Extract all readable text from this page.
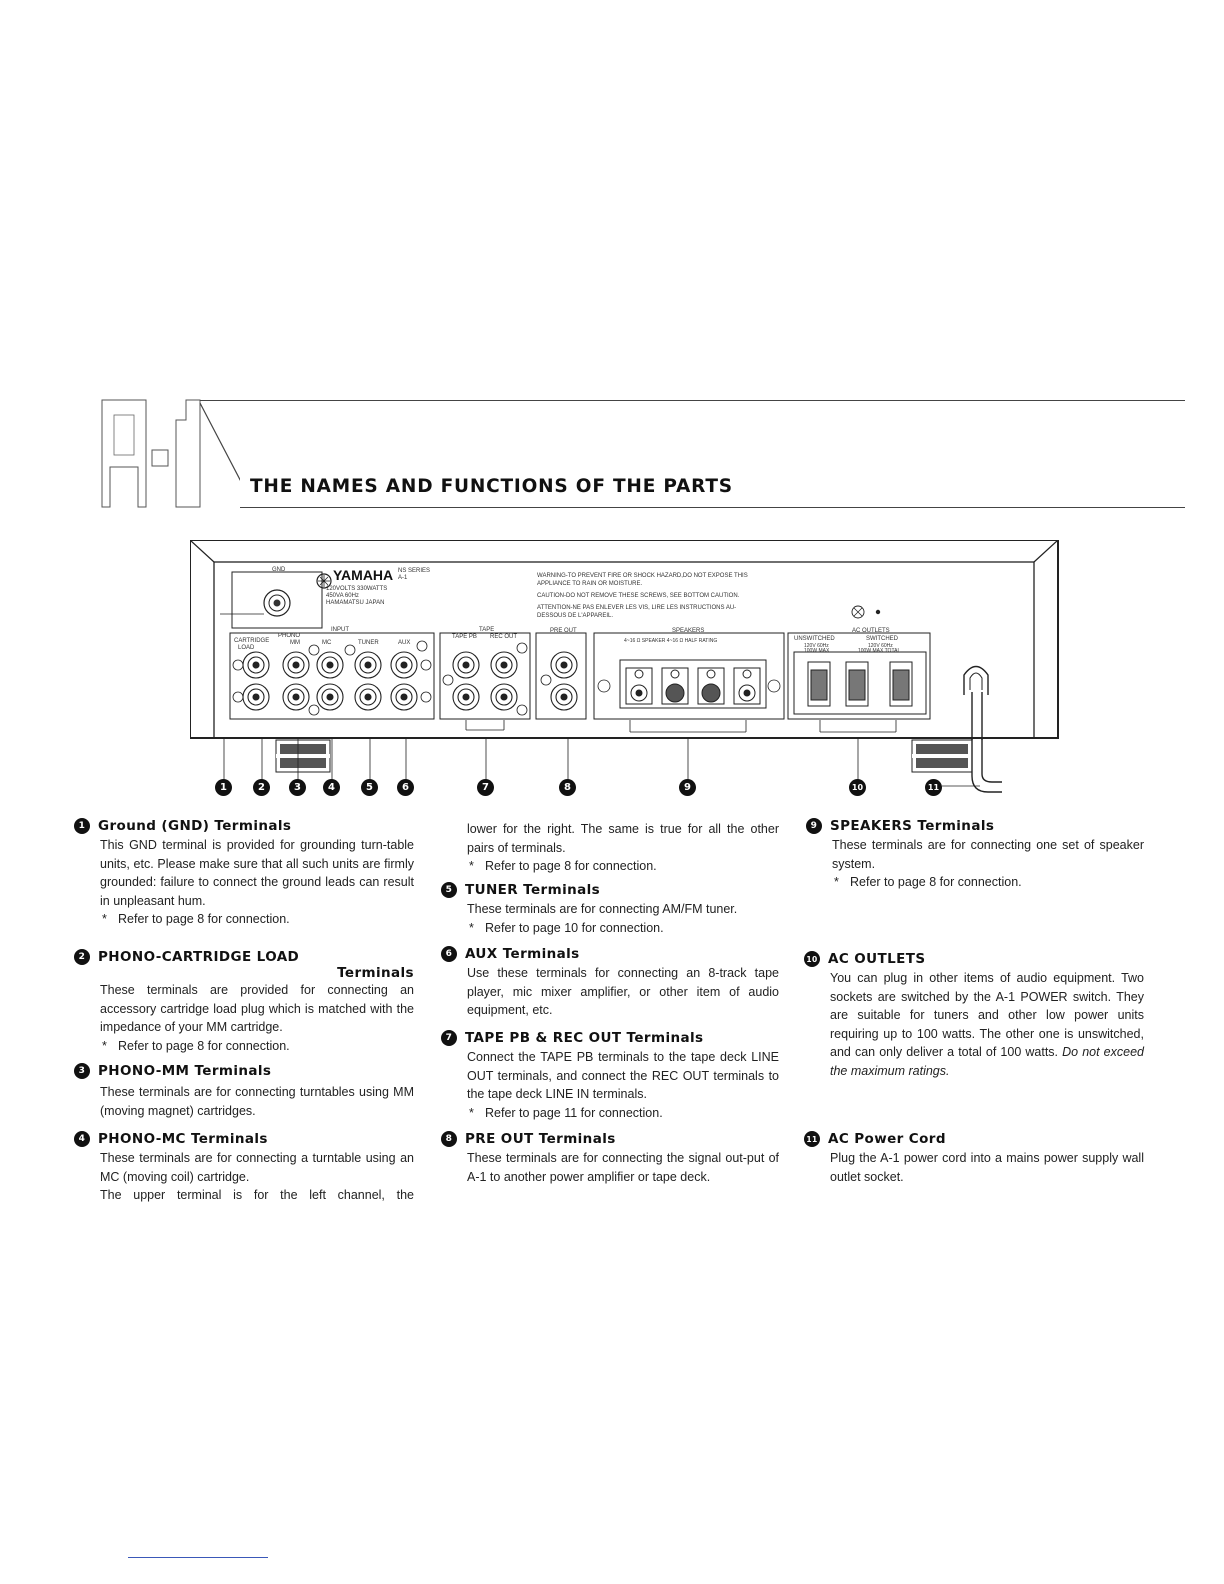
THE NAMES AND FUNCTIONS OF THE PARTS
1	2	3	4	5	6	7	8	9	10	11
GND	YAMAHA NS SERIES
A-1
120VOLTS 330WATTS
450VA 60Hz
HAMAMATSU JAPAN
WARNING-TO PREVENT FIRE OR SHOCK HAZARD,DO NOT EXPOSE THIS
APPLIANCE TO RAIN OR MOISTURE.
CAUTION-DO NOT REMOVE THESE SCREWS, SEE BOTTOM CAUTION.
ATTENTION-NE PAS ENLEVER LES VIS, LIRE LES INSTRUCTIONS AU-
DESSOUS DE L'APPAREIL.
INPUT
PHONO
CARTRIDGE
LOAD
MM	MC	TUNER	AUX
TAPE
TAPE PB REC OUT
PRE OUT	SPEAKERS
4~16 Ω SPEAKER 4~16 Ω HALF RATING
AC OUTLETS
UNSWITCHED	SWITCHED
120V 60Hz
100W MAX
120V 60Hz
100W MAX TOTAL
1 Ground (GND) Terminals
This GND terminal is provided for grounding turn-table units, etc. Please make sure that all such units are firmly grounded: failure to connect the ground leads can result in unpleasant hum.
* Refer to page 8 for connection.
2 PHONO-CARTRIDGE LOAD
Terminals
These terminals are provided for connecting an accessory cartridge load plug which is matched with the impedance of your MM cartridge.
* Refer to page 8 for connection.
3 PHONO-MM Terminals
These terminals are for connecting turntables using MM (moving magnet) cartridges.
4 PHONO-MC Terminals
These terminals are for connecting a turntable using an MC (moving coil) cartridge.
The upper terminal is for the left channel, the
lower for the right. The same is true for all the other pairs of terminals.
* Refer to page 8 for connection.
5 TUNER Terminals
These terminals are for connecting AM/FM tuner.
* Refer to page 10 for connection.
6 AUX Terminals
Use these terminals for connecting an 8-track tape player, mic mixer amplifier, or other item of audio equipment, etc.
7 TAPE PB & REC OUT Terminals
Connect the TAPE PB terminals to the tape deck LINE OUT terminals, and connect the REC OUT terminals to the tape deck LINE IN terminals.
* Refer to page 11 for connection.
8 PRE OUT Terminals
These terminals are for connecting the signal out-put of A-1 to another power amplifier or tape deck.
9 SPEAKERS Terminals
These terminals are for connecting one set of speaker system.
* Refer to page 8 for connection.
10 AC OUTLETS
You can plug in other items of audio equipment. Two sockets are switched by the A-1 POWER switch. They are suitable for tuners and other low power units requiring up to 100 watts. The other one is unswitched, and can only deliver a total of 100 watts. Do not exceed the maximum ratings.
11 AC Power Cord
Plug the A-1 power cord into a mains power supply wall outlet socket.
